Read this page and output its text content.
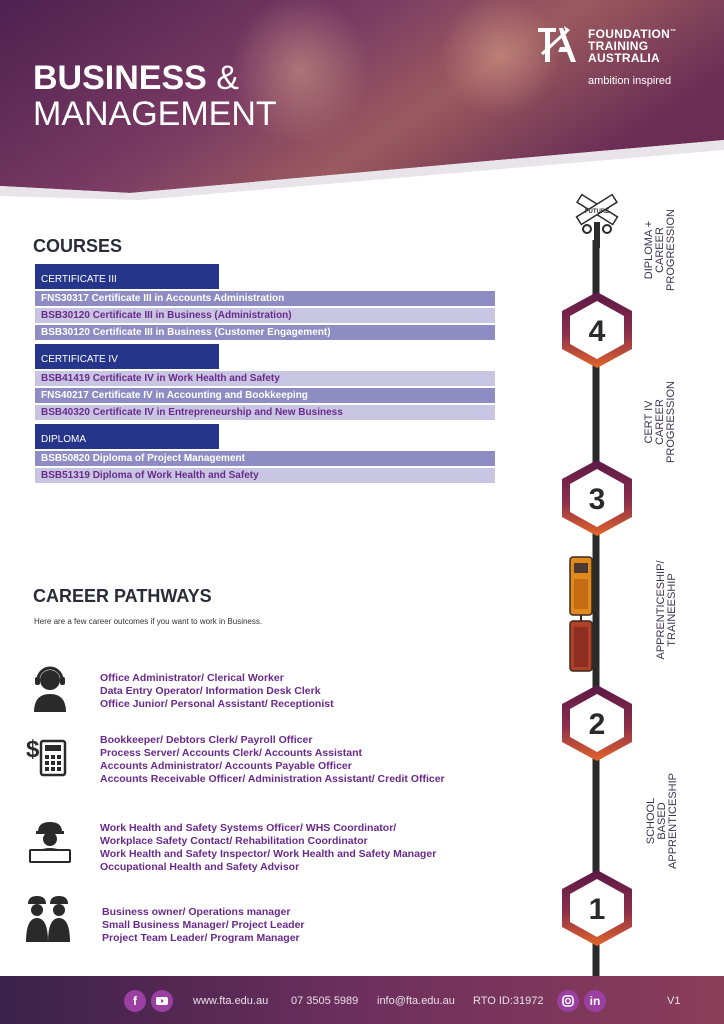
BUSINESS &
MANAGEMENT
FOUNDATION™
TRAINING
AUSTRALIA
ambition inspired
COURSES
CERTIFICATE III
FNS30317 Certificate III in Accounts Administration
BSB30120 Certificate III in Business (Administration)
BSB30120 Certificate III in Business (Customer Engagement)
CERTIFICATE IV
BSB41419 Certificate IV in Work Health and Safety
FNS40217 Certificate IV in Accounting and Bookkeeping
BSB40320 Certificate IV in Entrepreneurship and New Business
DIPLOMA
BSB50820 Diploma of Project Management
BSB51319 Diploma of Work Health and Safety
CAREER PATHWAYS
Here are a few career outcomes if you want to work in Business.
Office Administrator/ Clerical Worker
Data Entry Operator/ Information Desk Clerk
Office Junior/ Personal Assistant/ Receptionist
$	Bookkeeper/ Debtors Clerk/ Payroll Officer
Process Server/ Accounts Clerk/ Accounts Assistant
Accounts Administrator/ Accounts Payable Officer
Accounts Receivable Officer/ Administration Assistant/ Credit Officer
Work Health and Safety Systems Officer/ WHS Coordinator/
Workplace Safety Contact/ Rehabilitation Coordinator
Work Health and Safety Inspector/ Work Health and Safety Manager
Occupational Health and Safety Advisor
Business owner/ Operations manager
Small Business Manager/ Project Leader
Project Team Leader/ Program Manager
FUTURE
4
3
2
1
DIPLOMA + CAREER PROGRESSION
CERT IV CAREER PROGRESSION
APPRENTICESHIP/ TRAINEESHIP
SCHOOL BASED APPRENTICESHIP
f	www.fta.edu.au 07 3505 5989 info@fta.edu.au RTO ID:31972	in	V1
